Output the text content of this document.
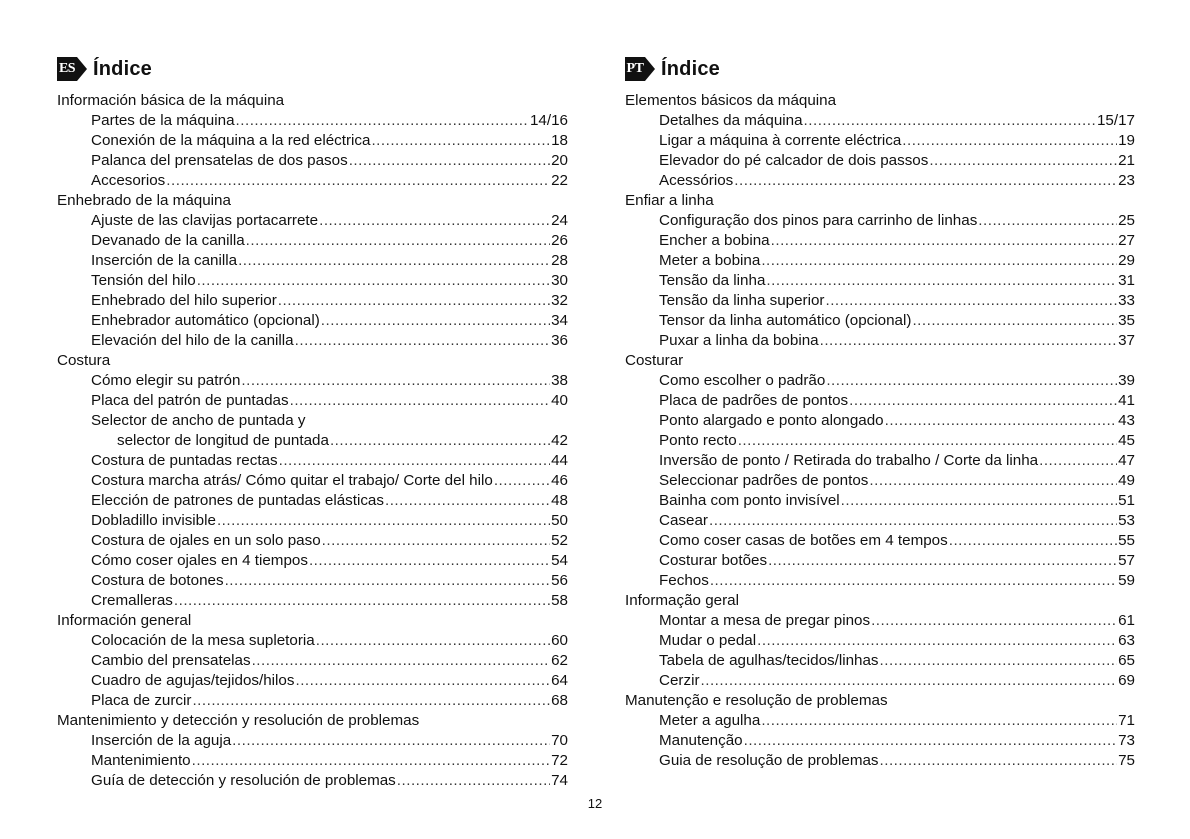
ES Índice
Información básica de la máquina
Partes de la máquina .....	14/16
Conexión de la máquina a la red eléctrica .....	18
Palanca del prensatelas de dos pasos .....	20
Accesorios .....	22
Enhebrado de la máquina
Ajuste de las clavijas portacarrete .....	24
Devanado de la canilla .....	26
Inserción de la canilla .....	28
Tensión del hilo .....	30
Enhebrado del hilo superior .....	32
Enhebrador automático (opcional) .....	34
Elevación del hilo de la canilla .....	36
Costura
Cómo elegir su patrón .....	38
Placa del patrón de puntadas .....	40
Selector de ancho de puntada y
selector de longitud de puntada .....	42
Costura de puntadas rectas .....	44
Costura marcha atrás/ Cómo quitar el trabajo/ Corte del hilo .....	46
Elección de patrones de puntadas elásticas .....	48
Dobladillo invisible .....	50
Costura de ojales en un solo paso .....	52
Cómo coser ojales en 4 tiempos .....	54
Costura de botones .....	56
Cremalleras .....	58
Información general
Colocación de la mesa supletoria .....	60
Cambio del prensatelas .....	62
Cuadro de agujas/tejidos/hilos .....	64
Placa de zurcir .....	68
Mantenimiento y detección y resolución de problemas
Inserción de la aguja .....	70
Mantenimiento .....	72
Guía de detección y resolución de problemas .....	74
PT Índice
Elementos básicos da máquina
Detalhes da máquina .....	15/17
Ligar a máquina à corrente eléctrica .....	19
Elevador do pé calcador de dois passos .....	21
Acessórios .....	23
Enfiar a linha
Configuração dos pinos para carrinho de linhas .....	25
Encher a bobina .....	27
Meter a bobina .....	29
Tensão da linha .....	31
Tensão da linha superior .....	33
Tensor da linha automático (opcional) .....	35
Puxar a linha da bobina .....	37
Costurar
Como escolher o padrão .....	39
Placa de padrões de pontos .....	41
Ponto alargado e ponto alongado .....	43
Ponto recto .....	45
Inversão de ponto / Retirada do trabalho / Corte da linha .....	47
Seleccionar padrões de pontos .....	49
Bainha com ponto invisível .....	51
Casear .....	53
Como coser casas de botões em 4 tempos .....	55
Costurar botões .....	57
Fechos .....	59
Informação geral
Montar a mesa de pregar pinos .....	61
Mudar o pedal .....	63
Tabela de agulhas/tecidos/linhas .....	65
Cerzir .....	69
Manutenção e resolução de problemas
Meter a agulha .....	71
Manutenção .....	73
Guia de resolução de problemas .....	75
12
